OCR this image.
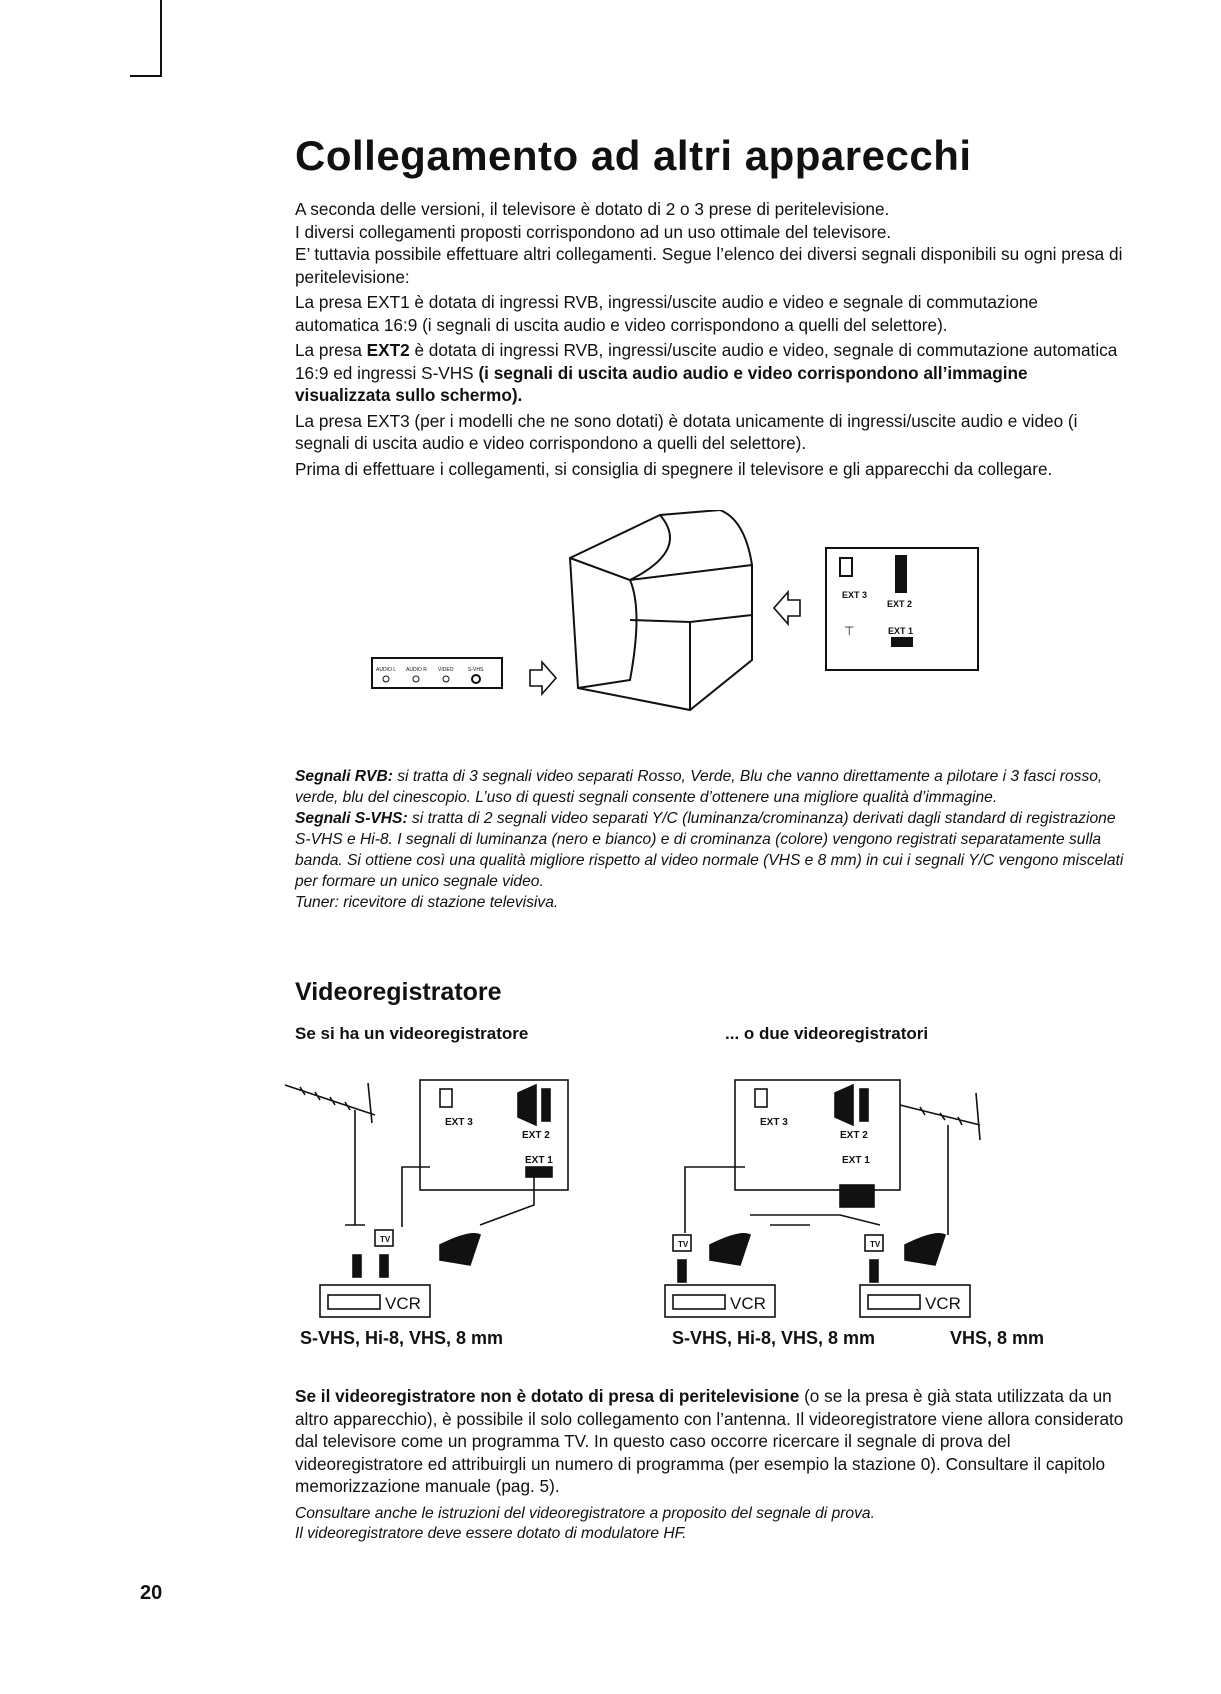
Collegamento ad altri apparecchi

A seconda delle versioni, il televisore è dotato di 2 o 3 prese di peritelevisione.
I diversi collegamenti proposti corrispondono ad un uso ottimale del televisore.
E’ tuttavia possibile effettuare altri collegamenti. Segue l’elenco dei diversi segnali disponibili su ogni presa di peritelevisione:

La presa EXT1 è dotata di ingressi RVB, ingressi/uscite audio e video e segnale di commutazione automatica 16:9 (i segnali di uscita audio e video corrispondono a quelli del selettore).

La presa EXT2 è dotata di ingressi RVB, ingressi/uscite audio e video, segnale di commutazione automatica 16:9 ed ingressi S-VHS (i segnali di uscita audio audio e video corrispondono all’immagine visualizzata sullo schermo).

La presa EXT3 (per i modelli che ne sono dotati) è dotata unicamente di ingressi/uscite audio e video (i segnali di uscita audio e video corrispondono a quelli del selettore).

Prima di effettuare i collegamenti, si consiglia di spegnere il televisore e gli apparecchi da collegare.

AUDIO L AUDIO R VIDEO	S-VHS
EXT 3
EXT 2
EXT 1
⊤

Segnali RVB: si tratta di 3 segnali video separati Rosso, Verde, Blu che vanno direttamente a pilotare i 3 fasci rosso, verde, blu del cinescopio. L’uso di questi segnali consente d’ottenere una migliore qualità d’immagine.

Segnali S-VHS: si tratta di 2 segnali video separati Y/C (luminanza/crominanza) derivati dagli standard di registrazione S-VHS e Hi-8. I segnali di luminanza (nero e bianco) e di crominanza (colore) vengono registrati separatamente sulla banda. Si ottiene così una qualità migliore rispetto al video normale (VHS e 8 mm) in cui i segnali Y/C vengono miscelati per formare un unico segnale video.

Tuner: ricevitore di stazione televisiva.

Videoregistratore

Se si ha un videoregistratore	... o due videoregistratori

TV
TV	TV
VCR	VCR	VCR
EXT 3
EXT 2
EXT 1
EXT 3
EXT 2
EXT 1
S-VHS, Hi-8, VHS, 8 mm	S-VHS, Hi-8, VHS, 8 mm	VHS, 8 mm

Se il videoregistratore non è dotato di presa di peritelevisione (o se la presa è già stata utilizzata da un altro apparecchio), è possibile il solo collegamento con l’antenna. Il videoregistratore viene allora considerato dal televisore come un programma TV. In questo caso occorre ricercare il segnale di prova del videoregistratore ed attribuirgli un numero di programma (per esempio la stazione 0). Consultare il capitolo memorizzazione manuale (pag. 5).

Consultare anche le istruzioni del videoregistratore a proposito del segnale di prova.
Il videoregistratore deve essere dotato di modulatore HF.
20
